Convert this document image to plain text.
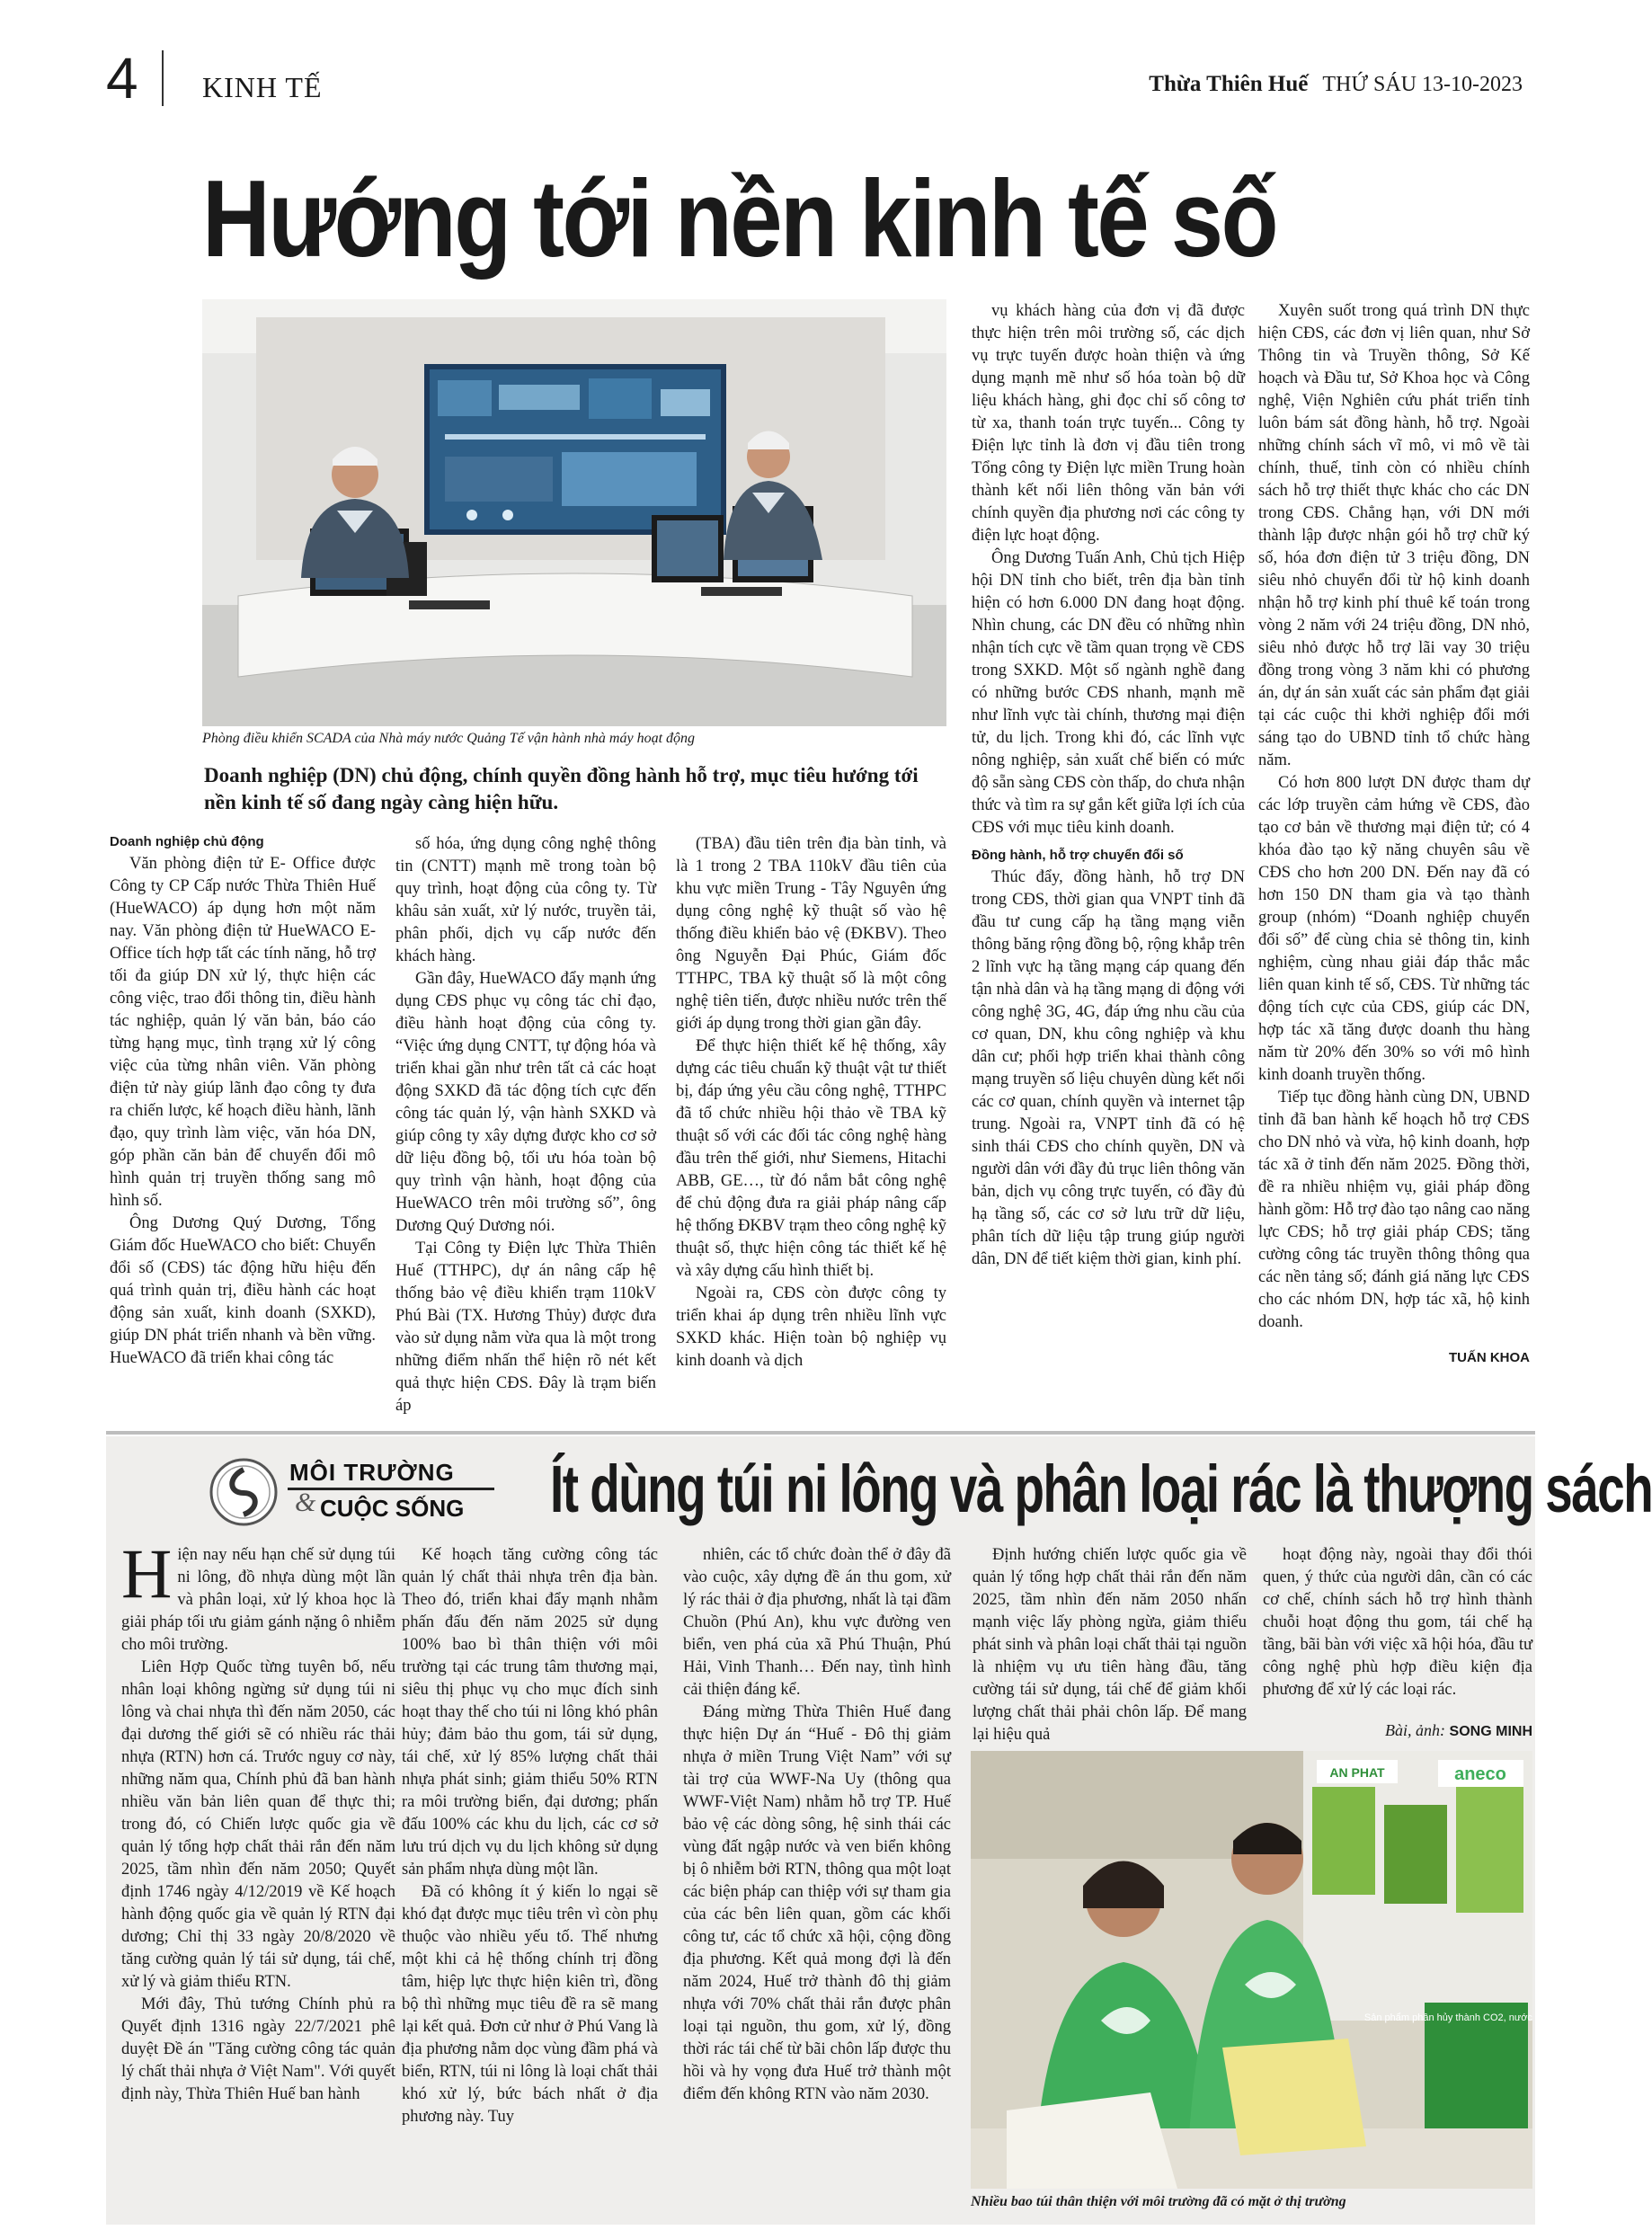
4 KINH TẾ	Thừa Thiên Huế THỨ SÁU 13-10-2023
Hướng tới nền kinh tế số
Phòng điều khiển SCADA của Nhà máy nước Quảng Tế vận hành nhà máy hoạt động
Doanh nghiệp (DN) chủ động, chính quyền đồng hành hỗ trợ, mục tiêu hướng tới nền kinh tế số đang ngày càng hiện hữu.
Doanh nghiệp chủ động

Văn phòng điện tử E- Office được Công ty CP Cấp nước Thừa Thiên Huế (HueWACO) áp dụng hơn một năm nay. Văn phòng điện tử HueWACO E- Office tích hợp tất các tính năng, hỗ trợ tối đa giúp DN xử lý, thực hiện các công việc, trao đổi thông tin, điều hành tác nghiệp, quản lý văn bản, báo cáo từng hạng mục, tình trạng xử lý công việc của từng nhân viên. Văn phòng điện tử này giúp lãnh đạo công ty đưa ra chiến lược, kế hoạch điều hành, lãnh đạo, quy trình làm việc, văn hóa DN, góp phần căn bản để chuyển đổi mô hình quản trị truyền thống sang mô hình số.

Ông Dương Quý Dương, Tổng Giám đốc HueWACO cho biết: Chuyển đổi số (CĐS) tác động hữu hiệu đến quá trình quản trị, điều hành các hoạt động sản xuất, kinh doanh (SXKD), giúp DN phát triển nhanh và bền vững. HueWACO đã triển khai công tác

số hóa, ứng dụng công nghệ thông tin (CNTT) mạnh mẽ trong toàn bộ quy trình, hoạt động của công ty. Từ khâu sản xuất, xử lý nước, truyền tải, phân phối, dịch vụ cấp nước đến khách hàng.

Gần đây, HueWACO đẩy mạnh ứng dụng CĐS phục vụ công tác chỉ đạo, điều hành hoạt động của công ty. “Việc ứng dụng CNTT, tự động hóa và triển khai gần như trên tất cả các hoạt động SXKD đã tác động tích cực đến công tác quản lý, vận hành SXKD và giúp công ty xây dựng được kho cơ sở dữ liệu đồng bộ, tối ưu hóa toàn bộ quy trình vận hành, hoạt động của HueWACO trên môi trường số”, ông Dương Quý Dương nói.

Tại Công ty Điện lực Thừa Thiên Huế (TTHPC), dự án nâng cấp hệ thống bảo vệ điều khiển trạm 110kV Phú Bài (TX. Hương Thủy) được đưa vào sử dụng nằm vừa qua là một trong những điểm nhấn thể hiện rõ nét kết quả thực hiện CĐS. Đây là trạm biến áp

(TBA) đầu tiên trên địa bàn tỉnh, và là 1 trong 2 TBA 110kV đầu tiên của khu vực miền Trung - Tây Nguyên ứng dụng công nghệ kỹ thuật số vào hệ thống điều khiển bảo vệ (ĐKBV). Theo ông Nguyễn Đại Phúc, Giám đốc TTHPC, TBA kỹ thuật số là một công nghệ tiên tiến, được nhiều nước trên thế giới áp dụng trong thời gian gần đây.

Để thực hiện thiết kế hệ thống, xây dựng các tiêu chuẩn kỹ thuật vật tư thiết bị, đáp ứng yêu cầu công nghệ, TTHPC đã tổ chức nhiều hội thảo về TBA kỹ thuật số với các đối tác công nghệ hàng đầu trên thế giới, như Siemens, Hitachi ABB, GE…, từ đó nắm bắt công nghệ để chủ động đưa ra giải pháp nâng cấp hệ thống ĐKBV trạm theo công nghệ kỹ thuật số, thực hiện công tác thiết kế hệ và xây dựng cấu hình thiết bị.

Ngoài ra, CĐS còn được công ty triển khai áp dụng trên nhiều lĩnh vực SXKD khác. Hiện toàn bộ nghiệp vụ kinh doanh và dịch

vụ khách hàng của đơn vị đã được thực hiện trên môi trường số, các dịch vụ trực tuyến được hoàn thiện và ứng dụng mạnh mẽ như số hóa toàn bộ dữ liệu khách hàng, ghi đọc chỉ số công tơ từ xa, thanh toán trực tuyến... Công ty Điện lực tỉnh là đơn vị đầu tiên trong Tổng công ty Điện lực miền Trung hoàn thành kết nối liên thông văn bản với chính quyền địa phương nơi các công ty điện lực hoạt động.

Ông Dương Tuấn Anh, Chủ tịch Hiệp hội DN tỉnh cho biết, trên địa bàn tỉnh hiện có hơn 6.000 DN đang hoạt động. Nhìn chung, các DN đều có những nhìn nhận tích cực về tầm quan trọng về CĐS trong SXKD. Một số ngành nghề đang có những bước CĐS nhanh, mạnh mẽ như lĩnh vực tài chính, thương mại điện tử, du lịch. Trong khi đó, các lĩnh vực nông nghiệp, sản xuất chế biến có mức độ sẵn sàng CĐS còn thấp, do chưa nhận thức và tìm ra sự gắn kết giữa lợi ích của CĐS với mục tiêu kinh doanh.

Đồng hành, hỗ trợ chuyển đổi số

Thúc đẩy, đồng hành, hỗ trợ DN trong CĐS, thời gian qua VNPT tỉnh đã đầu tư cung cấp hạ tầng mạng viễn thông băng rộng đồng bộ, rộng khắp trên 2 lĩnh vực hạ tầng mạng cáp quang đến tận nhà dân và hạ tầng mạng di động với công nghệ 3G, 4G, đáp ứng nhu cầu của cơ quan, DN, khu công nghiệp và khu dân cư; phối hợp triển khai thành công mạng truyền số liệu chuyên dùng kết nối các cơ quan, chính quyền và internet tập trung. Ngoài ra, VNPT tỉnh đã có hệ sinh thái CĐS cho chính quyền, DN và người dân với đầy đủ trục liên thông văn bản, dịch vụ công trực tuyến, có đầy đủ hạ tầng số, các cơ sở lưu trữ dữ liệu, phân tích dữ liệu tập trung giúp người dân, DN để tiết kiệm thời gian, kinh phí.

Xuyên suốt trong quá trình DN thực hiện CĐS, các đơn vị liên quan, như Sở Thông tin và Truyền thông, Sở Kế hoạch và Đầu tư, Sở Khoa học và Công nghệ, Viện Nghiên cứu phát triển tỉnh luôn bám sát đồng hành, hỗ trợ. Ngoài những chính sách vĩ mô, vi mô về tài chính, thuế, tỉnh còn có nhiều chính sách hỗ trợ thiết thực khác cho các DN trong CĐS. Chẳng hạn, với DN mới thành lập được nhận gói hỗ trợ chữ ký số, hóa đơn điện tử 3 triệu đồng, DN siêu nhỏ chuyển đổi từ hộ kinh doanh nhận hỗ trợ kinh phí thuê kế toán trong vòng 2 năm với 24 triệu đồng, DN nhỏ, siêu nhỏ được hỗ trợ lãi vay 30 triệu đồng trong vòng 3 năm khi có phương án, dự án sản xuất các sản phẩm đạt giải tại các cuộc thi khởi nghiệp đổi mới sáng tạo do UBND tỉnh tổ chức hàng năm.

Có hơn 800 lượt DN được tham dự các lớp truyền cảm hứng về CĐS, đào tạo cơ bản về thương mại điện tử; có 4 khóa đào tạo kỹ năng chuyên sâu về CĐS cho hơn 200 DN. Đến nay đã có hơn 150 DN tham gia và tạo thành group (nhóm) “Doanh nghiệp chuyển đổi số” để cùng chia sẻ thông tin, kinh nghiệm, cùng nhau giải đáp thắc mắc liên quan kinh tế số, CĐS. Từ những tác động tích cực của CĐS, giúp các DN, hợp tác xã tăng được doanh thu hàng năm từ 20% đến 30% so với mô hình kinh doanh truyền thống.

Tiếp tục đồng hành cùng DN, UBND tỉnh đã ban hành kế hoạch hỗ trợ CĐS cho DN nhỏ và vừa, hộ kinh doanh, hợp tác xã ở tỉnh đến năm 2025. Đồng thời, đề ra nhiều nhiệm vụ, giải pháp đồng hành gồm: Hỗ trợ đào tạo nâng cao năng lực CĐS; hỗ trợ giải pháp CĐS; tăng cường công tác truyền thông thông qua các nền tảng số; đánh giá năng lực CĐS cho các nhóm DN, hợp tác xã, hộ kinh doanh.

TUẤN KHOA
MÔI TRƯỜNG
& CUỘC SỐNG Ít dùng túi ni lông và phân loại rác là thượng sách

Hiện nay nếu hạn chế sử dụng túi ni lông, đồ nhựa dùng một lần và phân loại, xử lý khoa học là giải pháp tối ưu giảm gánh nặng ô nhiễm cho môi trường.

Liên Hợp Quốc từng tuyên bố, nếu nhân loại không ngừng sử dụng túi ni lông và chai nhựa thì đến năm 2050, các đại dương thế giới sẽ có nhiều rác thải nhựa (RTN) hơn cá. Trước nguy cơ này, những năm qua, Chính phủ đã ban hành nhiều văn bản liên quan để thực thi; trong đó, có Chiến lược quốc gia về quản lý tổng hợp chất thải rắn đến năm 2025, tầm nhìn đến năm 2050; Quyết định 1746 ngày 4/12/2019 về Kế hoạch hành động quốc gia về quản lý RTN đại dương; Chỉ thị 33 ngày 20/8/2020 về tăng cường quản lý tái sử dụng, tái chế, xử lý và giảm thiểu RTN.

Mới đây, Thủ tướng Chính phủ ra Quyết định 1316 ngày 22/7/2021 phê duyệt Đề án "Tăng cường công tác quản lý chất thải nhựa ở Việt Nam". Với quyết định này, Thừa Thiên Huế ban hành

Kế hoạch tăng cường công tác quản lý chất thải nhựa trên địa bàn. Theo đó, triển khai đẩy mạnh nhằm phấn đấu đến năm 2025 sử dụng 100% bao bì thân thiện với môi trường tại các trung tâm thương mại, siêu thị phục vụ cho mục đích sinh hoạt thay thế cho túi ni lông khó phân hủy; đảm bảo thu gom, tái sử dụng, tái chế, xử lý 85% lượng chất thải nhựa phát sinh; giảm thiểu 50% RTN ra môi trường biển, đại dương; phấn đấu 100% các khu du lịch, các cơ sở lưu trú dịch vụ du lịch không sử dụng sản phẩm nhựa dùng một lần.

Đã có không ít ý kiến lo ngại sẽ khó đạt được mục tiêu trên vì còn phụ thuộc vào nhiều yếu tố. Thế nhưng một khi cả hệ thống chính trị đồng tâm, hiệp lực thực hiện kiên trì, đồng bộ thì những mục tiêu đề ra sẽ mang lại kết quả. Đơn cử như ở Phú Vang là địa phương nằm dọc vùng đầm phá và biển, RTN, túi ni lông là loại chất thải khó xử lý, bức bách nhất ở địa phương này. Tuy

nhiên, các tổ chức đoàn thể ở đây đã vào cuộc, xây dựng đề án thu gom, xử lý rác thải ở địa phương, nhất là tại đầm Chuồn (Phú An), khu vực đường ven biển, ven phá của xã Phú Thuận, Phú Hải, Vinh Thanh… Đến nay, tình hình cải thiện đáng kể.

Đáng mừng Thừa Thiên Huế đang thực hiện Dự án “Huế - Đô thị giảm nhựa ở miền Trung Việt Nam” với sự tài trợ của WWF-Na Uy (thông qua WWF-Việt Nam) nhằm hỗ trợ TP. Huế bảo vệ các dòng sông, hệ sinh thái các vùng đất ngập nước và ven biển không bị ô nhiễm bởi RTN, thông qua một loạt các biện pháp can thiệp với sự tham gia của các bên liên quan, gồm các khối công tư, các tổ chức xã hội, cộng đồng địa phương. Kết quả mong đợi là đến năm 2024, Huế trở thành đô thị giảm nhựa với 70% chất thải rắn được phân loại tại nguồn, thu gom, xử lý, đồng thời rác tái chế từ bãi chôn lấp được thu hồi và hy vọng đưa Huế trở thành một điểm đến không RTN vào năm 2030.

Định hướng chiến lược quốc gia về quản lý tổng hợp chất thải rắn đến năm 2025, tầm nhìn đến năm 2050 nhấn mạnh việc lấy phòng ngừa, giảm thiểu phát sinh và phân loại chất thải tại nguồn là nhiệm vụ ưu tiên hàng đầu, tăng cường tái sử dụng, tái chế để giảm khối lượng chất thải phải chôn lấp. Để mang lại hiệu quả

hoạt động này, ngoài thay đổi thói quen, ý thức của người dân, cần có các cơ chế, chính sách hỗ trợ hình thành chuỗi hoạt động thu gom, tái chế hạ tầng, bãi bàn với việc xã hội hóa, đầu tư công nghệ phù hợp điều kiện địa phương để xử lý các loại rác.

Bài, ảnh: SONG MINH
AN PHAT	aneco
Sản phẩm phân hủy thành CO2, nước và sinh khối
Nhiều bao túi thân thiện với môi trường đã có mặt ở thị trường
